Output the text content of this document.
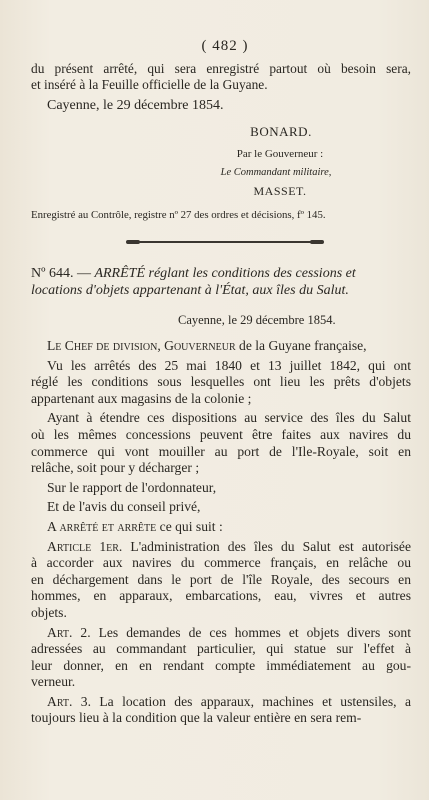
( 482 )
du présent arrêté, qui sera enregistré partout où besoin sera,
et inséré à la Feuille officielle de la Guyane.
Cayenne, le 29 décembre 1854.
BONARD.
Par le Gouverneur :
Le Commandant militaire,
MASSET.
Enregistré au Contrôle, registre nº 27 des ordres et décisions, fº 145.
Nº 644. — ARRÊTÉ réglant les conditions des cessions et
locations d'objets appartenant à l'État, aux îles du Salut.
Cayenne, le 29 décembre 1854.
Le Chef de division, Gouverneur de la Guyane française,
Vu les arrêtés des 25 mai 1840 et 13 juillet 1842, qui ont
réglé les conditions sous lesquelles ont lieu les prêts d'objets
appartenant aux magasins de la colonie ;
Ayant à étendre ces dispositions au service des îles du Salut
où les mêmes concessions peuvent être faites aux navires du
commerce qui vont mouiller au port de l'Ile-Royale, soit en
relâche, soit pour y décharger ;
Sur le rapport de l'ordonnateur,
Et de l'avis du conseil privé,
A arrêté et arrête ce qui suit :
Article 1er. L'administration des îles du Salut est autorisée
à accorder aux navires du commerce français, en relâche ou
en déchargement dans le port de l'île Royale, des secours en
hommes, en apparaux, embarcations, eau, vivres et autres
objets.
Art. 2. Les demandes de ces hommes et objets divers sont
adressées au commandant particulier, qui statue sur l'effet à
leur donner, en en rendant compte immédiatement au gou-
verneur.
Art. 3. La location des apparaux, machines et ustensiles, a
toujours lieu à la condition que la valeur entière en sera rem-
